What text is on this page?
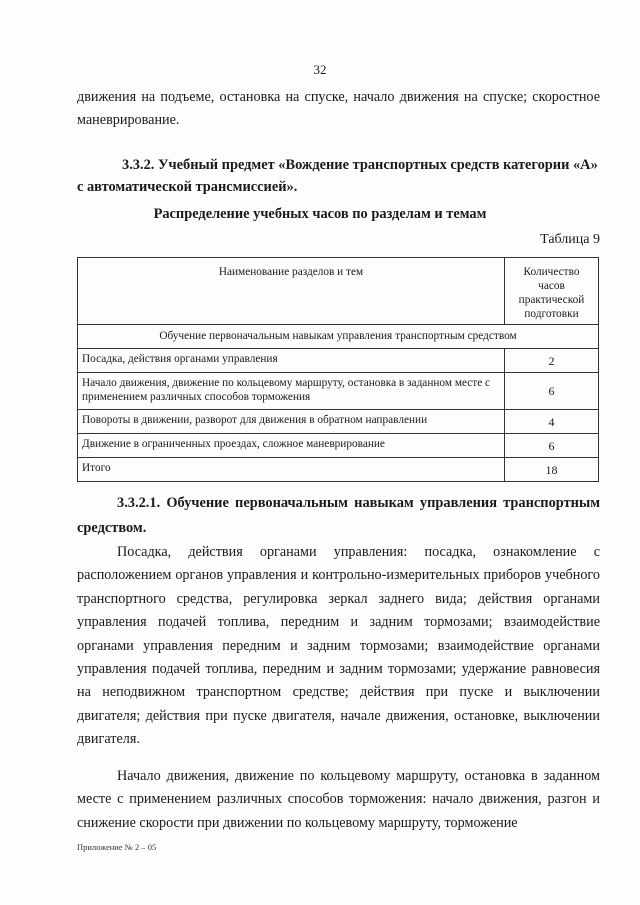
32
движения на подъеме, остановка на спуске, начало движения на спуске; скоростное маневрирование.
3.3.2. Учебный предмет «Вождение транспортных средств категории «А» с автоматической трансмиссией».
Распределение учебных часов по разделам и темам
Таблица 9
Наименование разделов и тем	Количество часов практической подготовки
Обучение первоначальным навыкам управления транспортным средством	
Посадка, действия органами управления	2
Начало движения, движение по кольцевому маршруту, остановка в заданном месте с применением различных способов торможения	6
Повороты в движении, разворот для движения в обратном направлении	4
Движение в ограниченных проездах, сложное маневрирование	6
Итого	18
3.3.2.1. Обучение первоначальным навыкам управления транспортным средством.
Посадка, действия органами управления: посадка, ознакомление с расположением органов управления и контрольно-измерительных приборов учебного транспортного средства, регулировка зеркал заднего вида; действия органами управления подачей топлива, передним и задним тормозами; взаимодействие органами управления передним и задним тормозами; взаимодействие органами управления подачей топлива, передним и задним тормозами; удержание равновесия на неподвижном транспортном средстве; действия при пуске и выключении двигателя; действия при пуске двигателя, начале движения, остановке, выключении двигателя.
Начало движения, движение по кольцевому маршруту, остановка в заданном месте с применением различных способов торможения: начало движения, разгон и снижение скорости при движении по кольцевому маршруту, торможение
Приложение № 2 – 05
